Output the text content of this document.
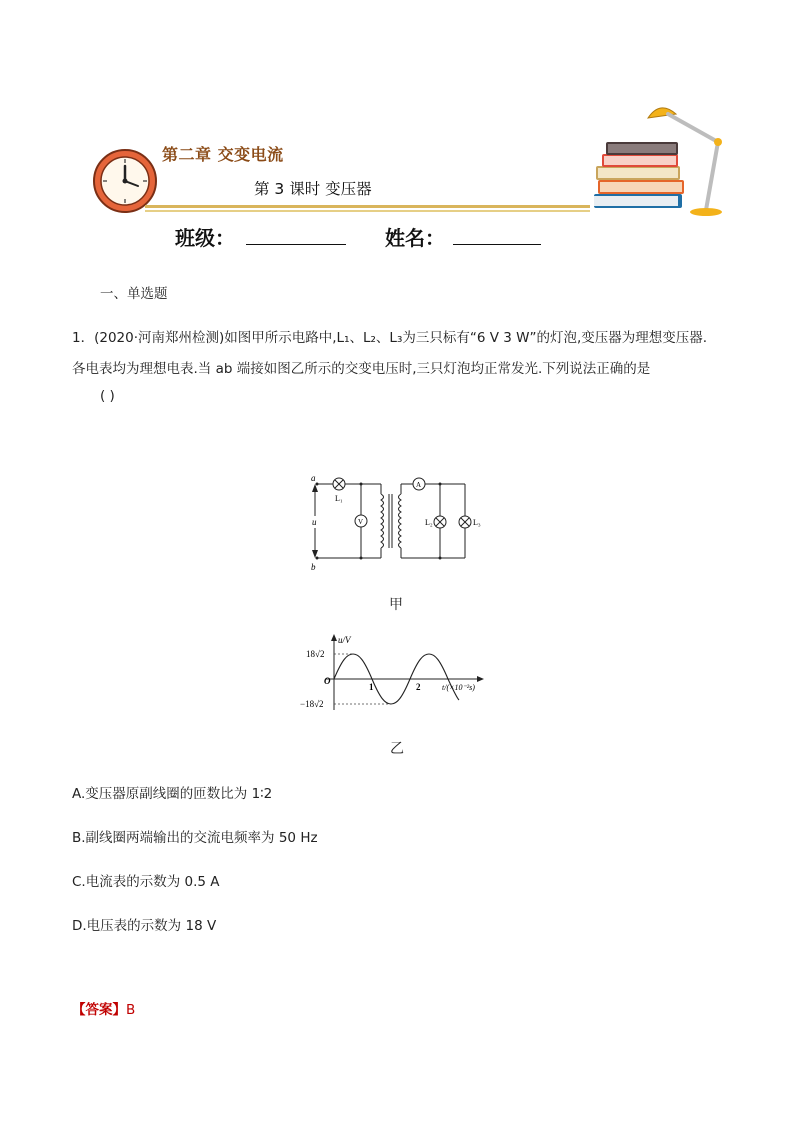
第二章 交变电流
第 3 课时 变压器
班级：	姓名：
一、单选题
1．(2020·河南郑州检测)如图甲所示电路中,L₁、L₂、L₃为三只标有“6 V 3 W”的灯泡,变压器为理想变压器.
各电表均为理想电表.当 ab 端接如图乙所示的交变电压时,三只灯泡均正常发光.下列说法正确的是
( )
a
b
u
L₁
L₂	L₃
V
A
甲
u/V
18√2
−18√2
O
1	2	t/(×10⁻²s)
乙
A.变压器原副线圈的匝数比为 1∶2
B.副线圈两端输出的交流电频率为 50 Hz
C.电流表的示数为 0.5 A
D.电压表的示数为 18 V
【答案】B
